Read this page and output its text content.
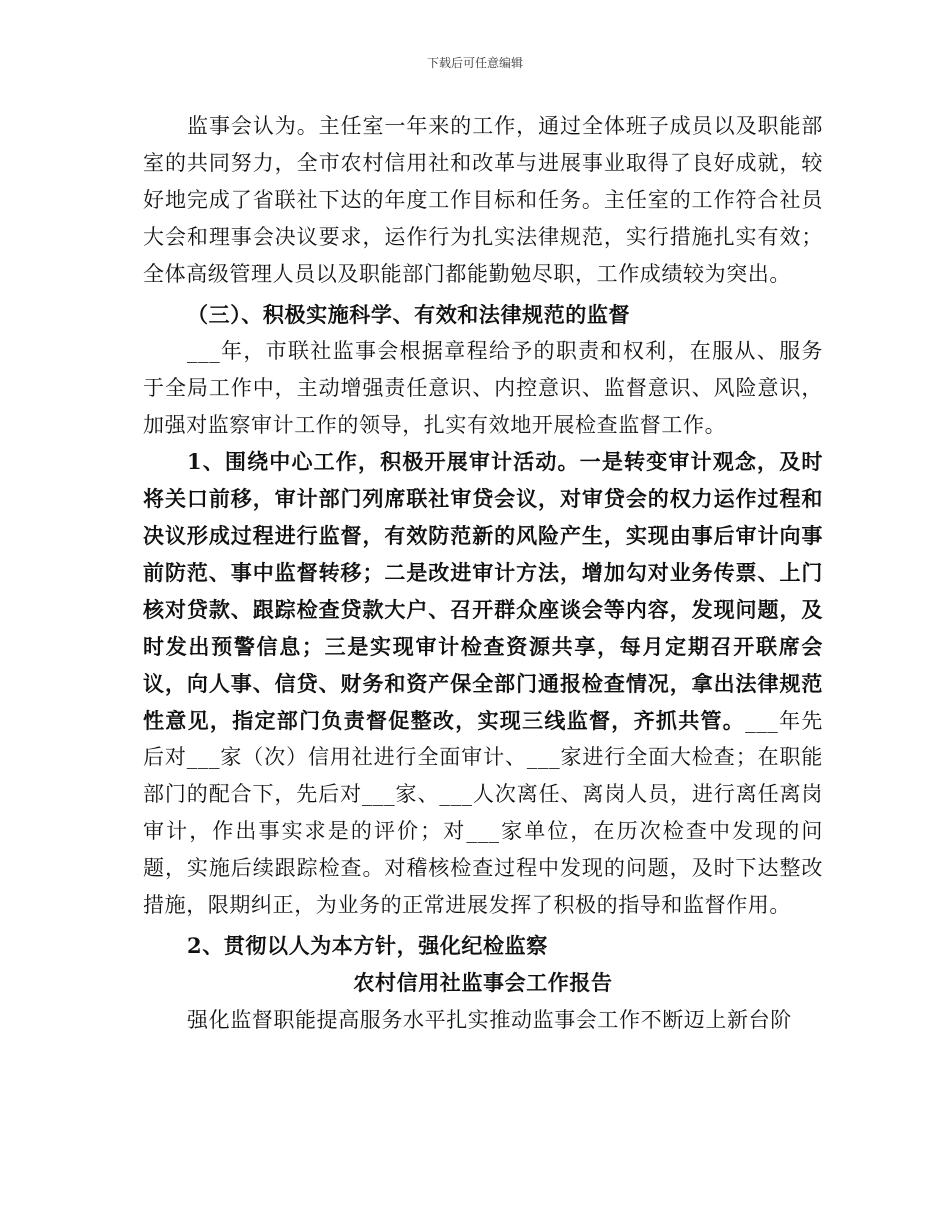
下载后可任意编辑

监事会认为。主任室一年来的工作，通过全体班子成员以及职能部室的共同努力，全市农村信用社和改革与进展事业取得了良好成就，较好地完成了省联社下达的年度工作目标和任务。主任室的工作符合社员大会和理事会决议要求，运作行为扎实法律规范，实行措施扎实有效；全体高级管理人员以及职能部门都能勤勉尽职，工作成绩较为突出。

（三）、积极实施科学、有效和法律规范的监督

___年，市联社监事会根据章程给予的职责和权利，在服从、服务于全局工作中，主动增强责任意识、内控意识、监督意识、风险意识，加强对监察审计工作的领导，扎实有效地开展检查监督工作。

1、围绕中心工作，积极开展审计活动。一是转变审计观念，及时将关口前移，审计部门列席联社审贷会议，对审贷会的权力运作过程和决议形成过程进行监督，有效防范新的风险产生，实现由事后审计向事前防范、事中监督转移；二是改进审计方法，增加勾对业务传票、上门核对贷款、跟踪检查贷款大户、召开群众座谈会等内容，发现问题，及时发出预警信息；三是实现审计检查资源共享，每月定期召开联席会议，向人事、信贷、财务和资产保全部门通报检查情况，拿出法律规范性意见，指定部门负责督促整改，实现三线监督，齐抓共管。___年先后对___家（次）信用社进行全面审计、___家进行全面大检查；在职能部门的配合下，先后对___家、___人次离任、离岗人员，进行离任离岗审计，作出事实求是的评价；对___家单位，在历次检查中发现的问题，实施后续跟踪检查。对稽核检查过程中发现的问题，及时下达整改措施，限期纠正，为业务的正常进展发挥了积极的指导和监督作用。

2、贯彻以人为本方针，强化纪检监察

农村信用社监事会工作报告

强化监督职能提高服务水平扎实推动监事会工作不断迈上新台阶
